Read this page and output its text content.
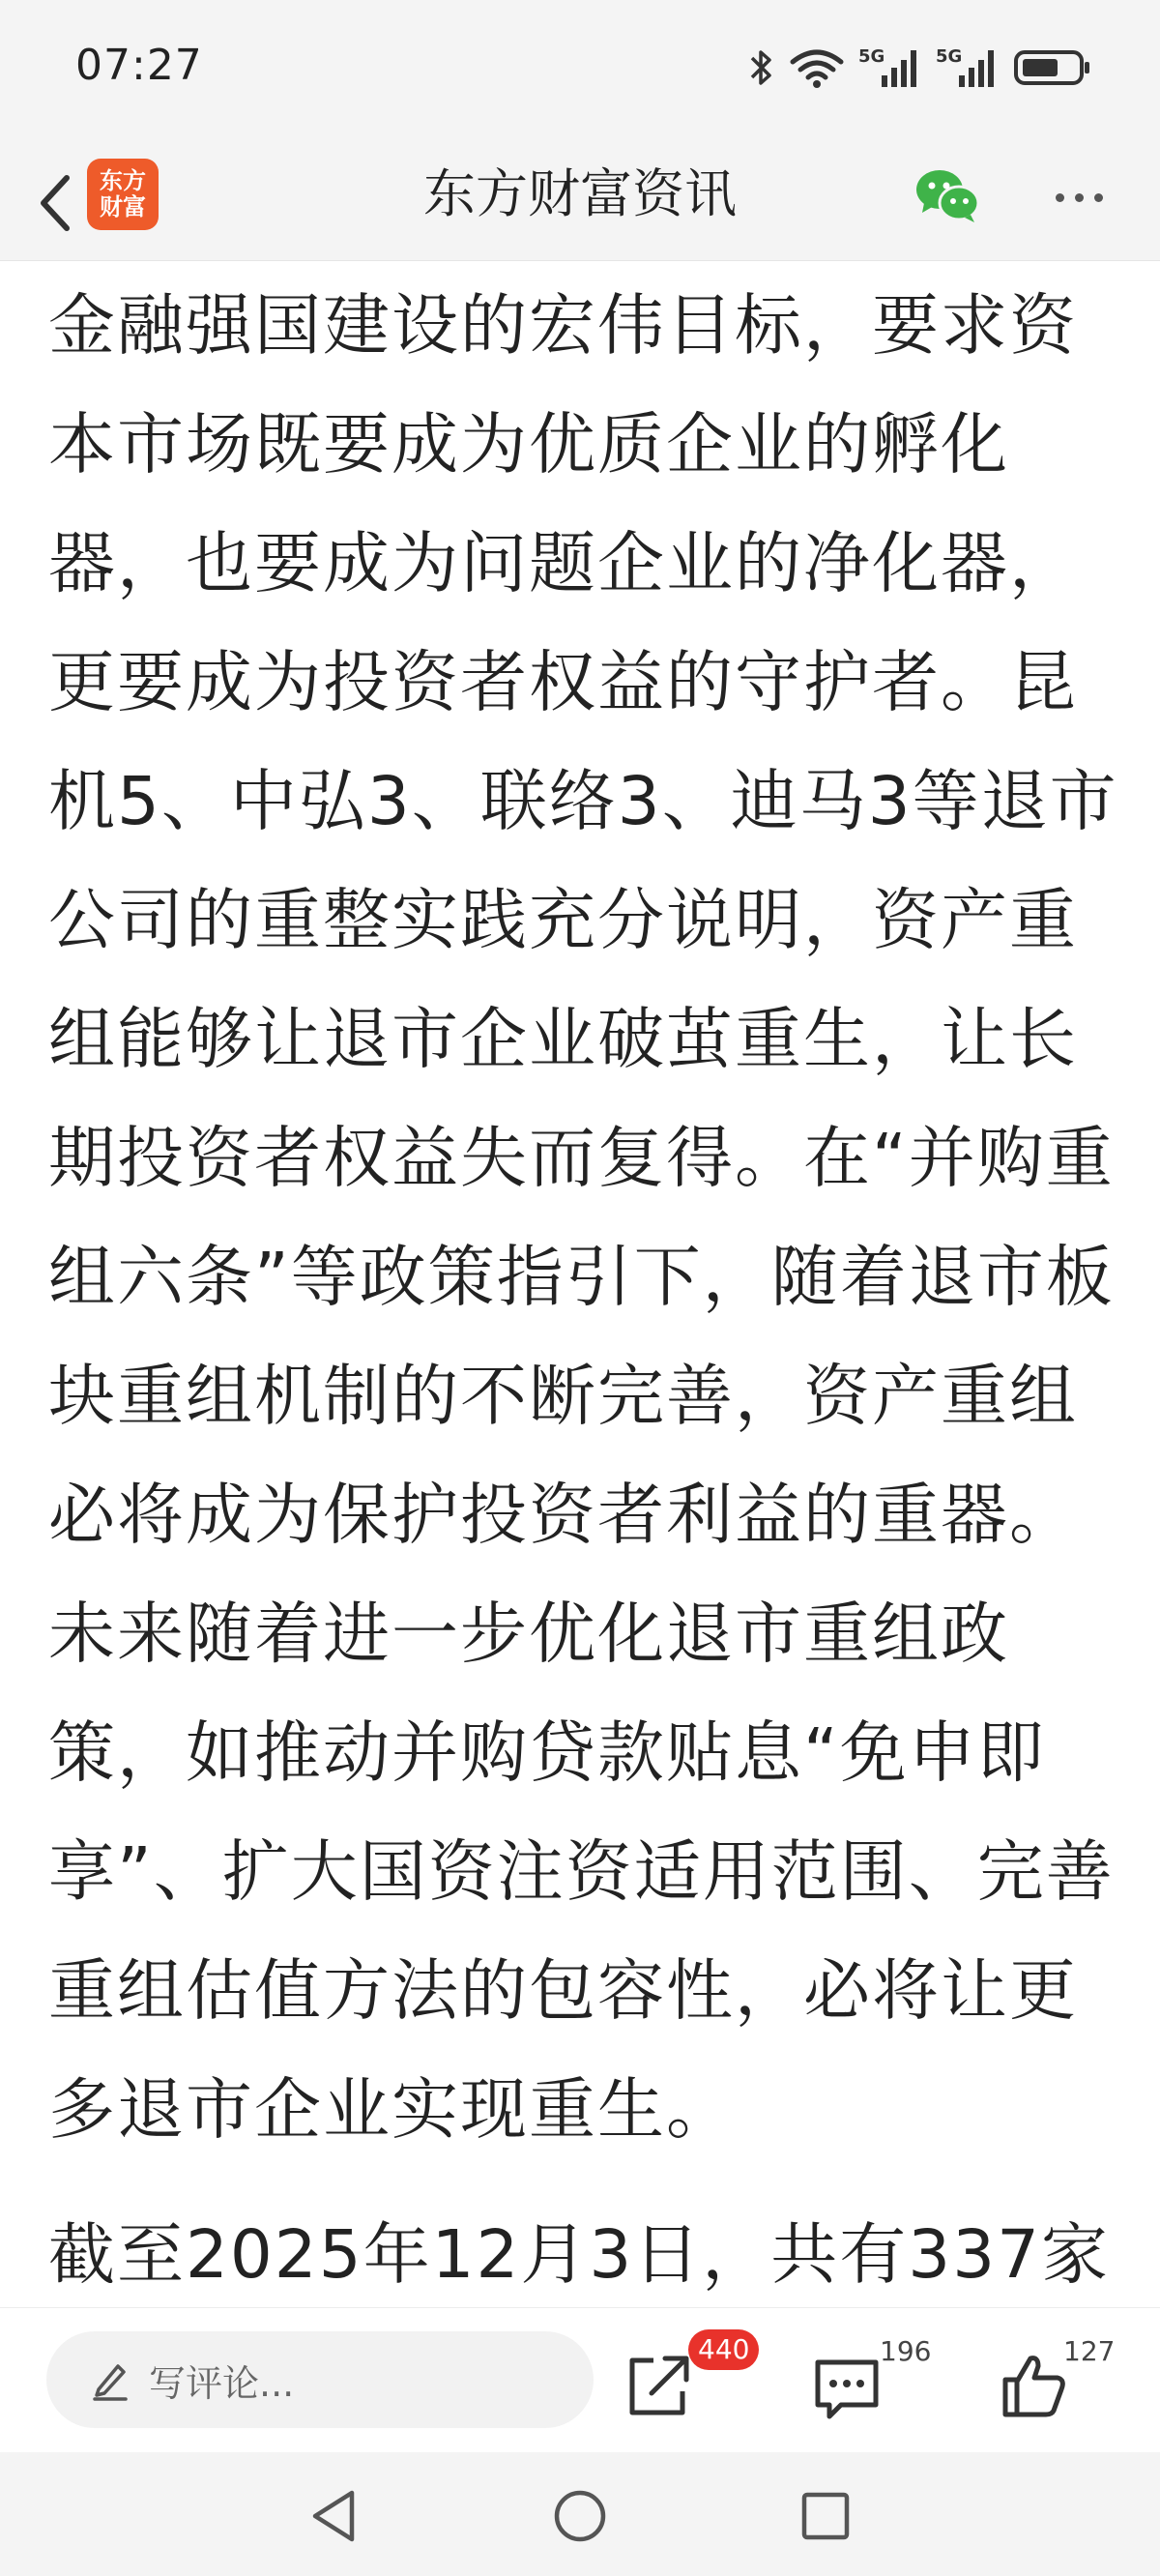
07:27	5G	5G
东方
财富	东方财富资讯

金融强国建设的宏伟目标，要求资本市场既要成为优质企业的孵化器，也要成为问题企业的净化器，更要成为投资者权益的守护者。昆机5、中弘3、联络3、迪马3等退市公司的重整实践充分说明，资产重组能够让退市企业破茧重生，让长期投资者权益失而复得。在“并购重组六条”等政策指引下，随着退市板块重组机制的不断完善，资产重组必将成为保护投资者利益的重器。未来随着进一步优化退市重组政策，如推动并购贷款贴息“免申即享”、扩大国资注资适用范围、完善重组估值方法的包容性，必将让更多退市企业实现重生。

截至2025年12月3日，共有337家

写评论...
440	196	127
